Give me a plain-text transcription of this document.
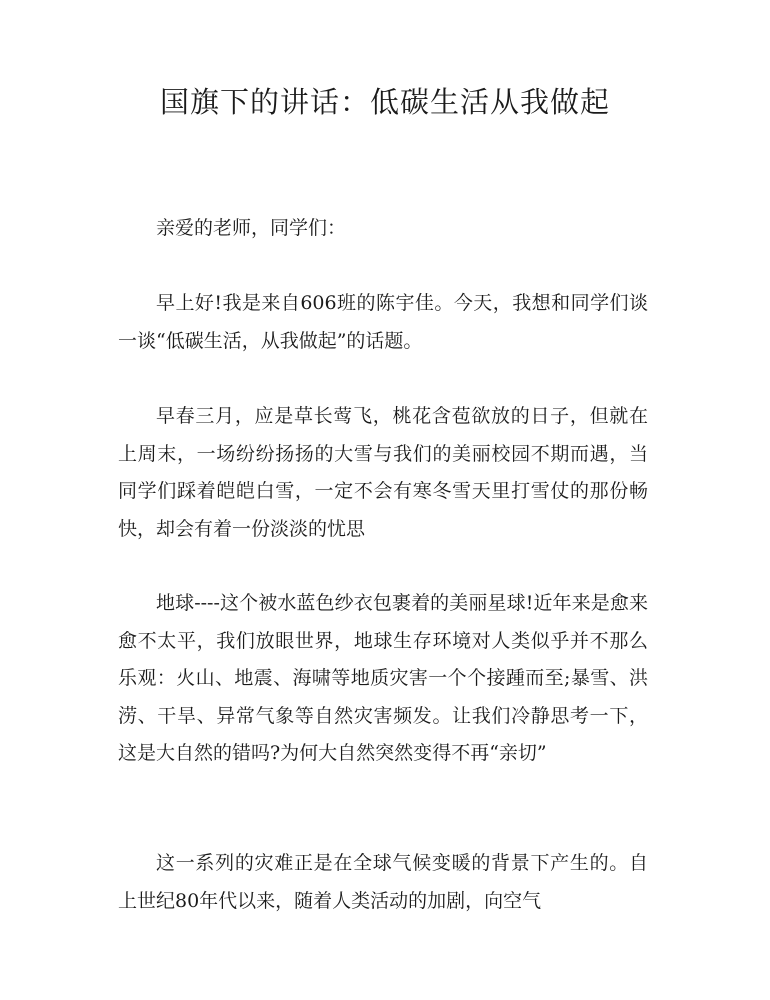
国旗下的讲话：低碳生活从我做起

亲爱的老师，同学们：

早上好!我是来自606班的陈宇佳。今天，我想和同学们谈一谈“低碳生活，从我做起”的话题。

早春三月，应是草长莺飞，桃花含苞欲放的日子，但就在上周末，一场纷纷扬扬的大雪与我们的美丽校园不期而遇，当同学们踩着皑皑白雪，一定不会有寒冬雪天里打雪仗的那份畅快，却会有着一份淡淡的忧思

地球----这个被水蓝色纱衣包裹着的美丽星球!近年来是愈来愈不太平，我们放眼世界，地球生存环境对人类似乎并不那么乐观：火山、地震、海啸等地质灾害一个个接踵而至;暴雪、洪涝、干旱、异常气象等自然灾害频发。让我们冷静思考一下，这是大自然的错吗?为何大自然突然变得不再“亲切”

这一系列的灾难正是在全球气候变暖的背景下产生的。自上世纪80年代以来，随着人类活动的加剧，向空气
